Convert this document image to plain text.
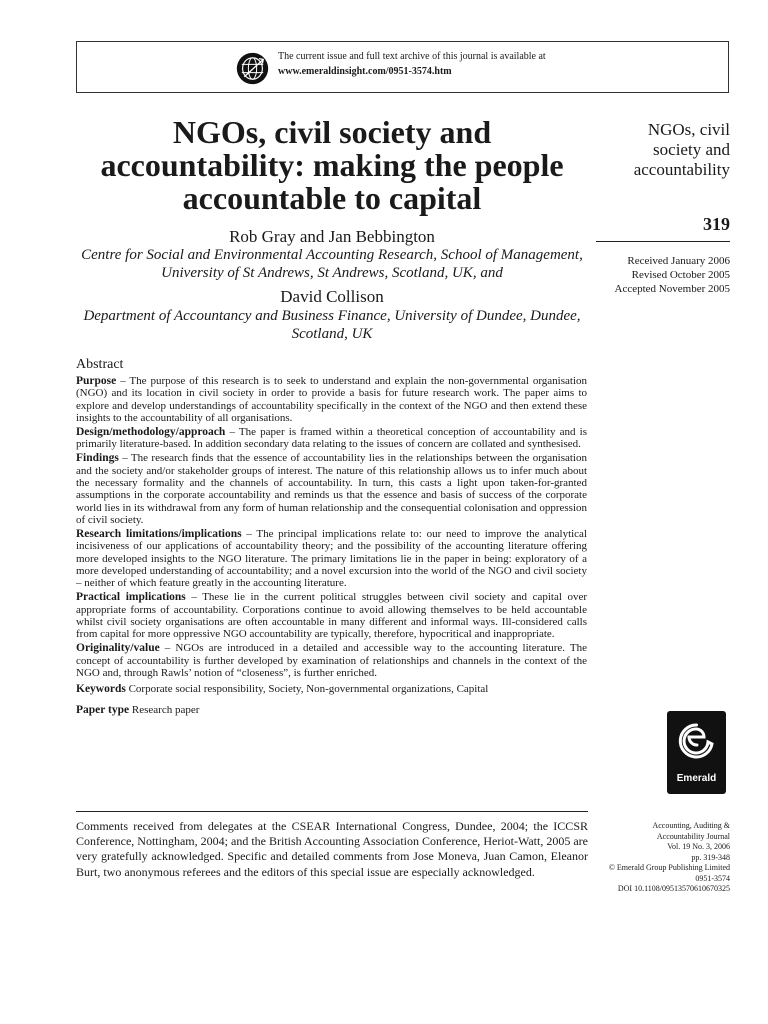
The current issue and full text archive of this journal is available at
www.emeraldinsight.com/0951-3574.htm
NGOs, civil society and accountability: making the people accountable to capital
Rob Gray and Jan Bebbington
Centre for Social and Environmental Accounting Research, School of Management, University of St Andrews, St Andrews, Scotland, UK, and
David Collison
Department of Accountancy and Business Finance, University of Dundee, Dundee, Scotland, UK
NGOs, civil
society and
accountability
319
Received January 2006
Revised October 2005
Accepted November 2005
Abstract

Purpose – The purpose of this research is to seek to understand and explain the non-governmental organisation (NGO) and its location in civil society in order to provide a basis for future research work. The paper aims to explore and develop understandings of accountability specifically in the context of the NGO and then extend these insights to the accountability of all organisations.

Design/methodology/approach – The paper is framed within a theoretical conception of accountability and is primarily literature-based. In addition secondary data relating to the issues of concern are collated and synthesised.

Findings – The research finds that the essence of accountability lies in the relationships between the organisation and the society and/or stakeholder groups of interest. The nature of this relationship allows us to infer much about the necessary formality and the channels of accountability. In turn, this casts a light upon taken-for-granted assumptions in the corporate accountability and reminds us that the essence and basis of success of the corporate world lies in its withdrawal from any form of human relationship and the consequential colonisation and oppression of civil society.

Research limitations/implications – The principal implications relate to: our need to improve the analytical incisiveness of our applications of accountability theory; and the possibility of the accounting literature offering more developed insights to the NGO literature. The primary limitations lie in the paper in being: exploratory of a more developed understanding of accountability; and a novel excursion into the world of the NGO and civil society – neither of which feature greatly in the accounting literature.

Practical implications – These lie in the current political struggles between civil society and capital over appropriate forms of accountability. Corporations continue to avoid allowing themselves to be held accountable whilst civil society organisations are often accountable in many different and informal ways. Ill-considered calls from capital for more oppressive NGO accountability are typically, therefore, hypocritical and inappropriate.

Originality/value – NGOs are introduced in a detailed and accessible way to the accounting literature. The concept of accountability is further developed by examination of relationships and channels in the context of the NGO and, through Rawls’ notion of “closeness”, is further enriched.

Keywords Corporate social responsibility, Society, Non-governmental organizations, Capital

Paper type Research paper

Emerald
Comments received from delegates at the CSEAR International Congress, Dundee, 2004; the ICCSR Conference, Nottingham, 2004; and the British Accounting Association Conference, Heriot-Watt, 2005 are very gratefully acknowledged. Specific and detailed comments from Jose Moneva, Juan Camon, Eleanor Burt, two anonymous referees and the editors of this special issue are especially acknowledged.
Accounting, Auditing &
Accountability Journal
Vol. 19 No. 3, 2006
pp. 319-348
© Emerald Group Publishing Limited
0951-3574
DOI 10.1108/09513570610670325
